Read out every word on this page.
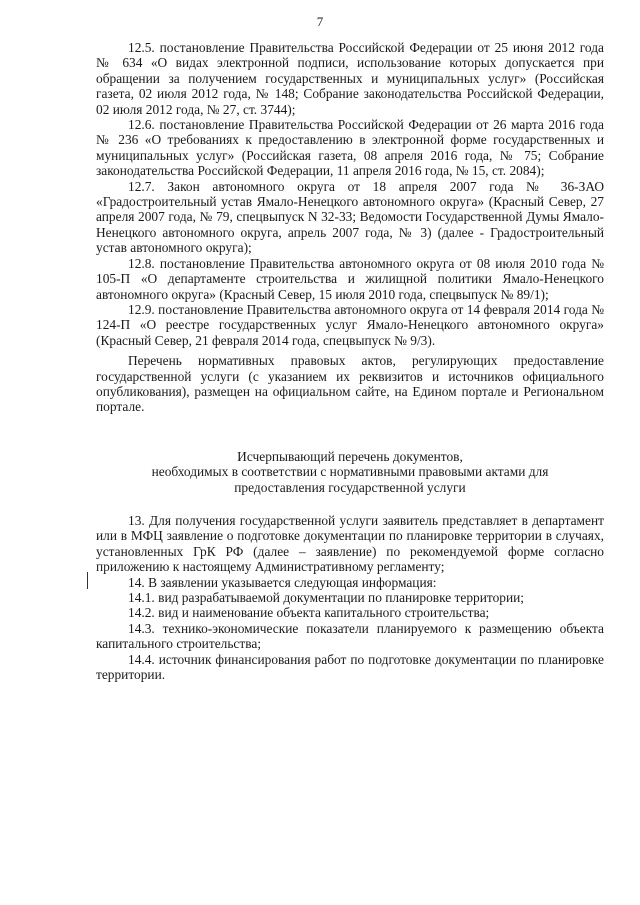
7

12.5. постановление Правительства Российской Федерации от 25 июня 2012 года № 634 «О видах электронной подписи, использование которых допускается при обращении за получением государственных и муниципальных услуг» (Российская газета, 02 июля 2012 года, № 148; Собрание законодательства Российской Федерации, 02 июля 2012 года, № 27, ст. 3744);

12.6. постановление Правительства Российской Федерации от 26 марта 2016 года № 236 «О требованиях к предоставлению в электронной форме государственных и муниципальных услуг» (Российская газета, 08 апреля 2016 года, № 75; Собрание законодательства Российской Федерации, 11 апреля 2016 года, № 15, ст. 2084);

12.7. Закон автономного округа от 18 апреля 2007 года № 36-ЗАО «Градостроительный устав Ямало-Ненецкого автономного округа» (Красный Север, 27 апреля 2007 года, № 79, спецвыпуск N 32-33; Ведомости Государственной Думы Ямало-Ненецкого автономного округа, апрель 2007 года, № 3) (далее - Градостроительный устав автономного округа);

12.8. постановление Правительства автономного округа от 08 июля 2010 года № 105-П «О департаменте строительства и жилищной политики Ямало-Ненецкого автономного округа» (Красный Север, 15 июля 2010 года, спецвыпуск № 89/1);

12.9. постановление Правительства автономного округа от 14 февраля 2014 года № 124-П «О реестре государственных услуг Ямало-Ненецкого автономного округа» (Красный Север, 21 февраля 2014 года, спецвыпуск № 9/3).

Перечень нормативных правовых актов, регулирующих предоставление государственной услуги (с указанием их реквизитов и источников официального опубликования), размещен на официальном сайте, на Едином портале и Региональном портале.

Исчерпывающий перечень документов,
необходимых в соответствии с нормативными правовыми актами для
предоставления государственной услуги

13. Для получения государственной услуги заявитель представляет в департамент или в МФЦ заявление о подготовке документации по планировке территории в случаях, установленных ГрК РФ (далее – заявление) по рекомендуемой форме согласно приложению к настоящему Административному регламенту;

14. В заявлении указывается следующая информация:

14.1. вид разрабатываемой документации по планировке территории;

14.2. вид и наименование объекта капитального строительства;

14.3. технико-экономические показатели планируемого к размещению объекта капитального строительства;

14.4. источник финансирования работ по подготовке документации по планировке территории.
